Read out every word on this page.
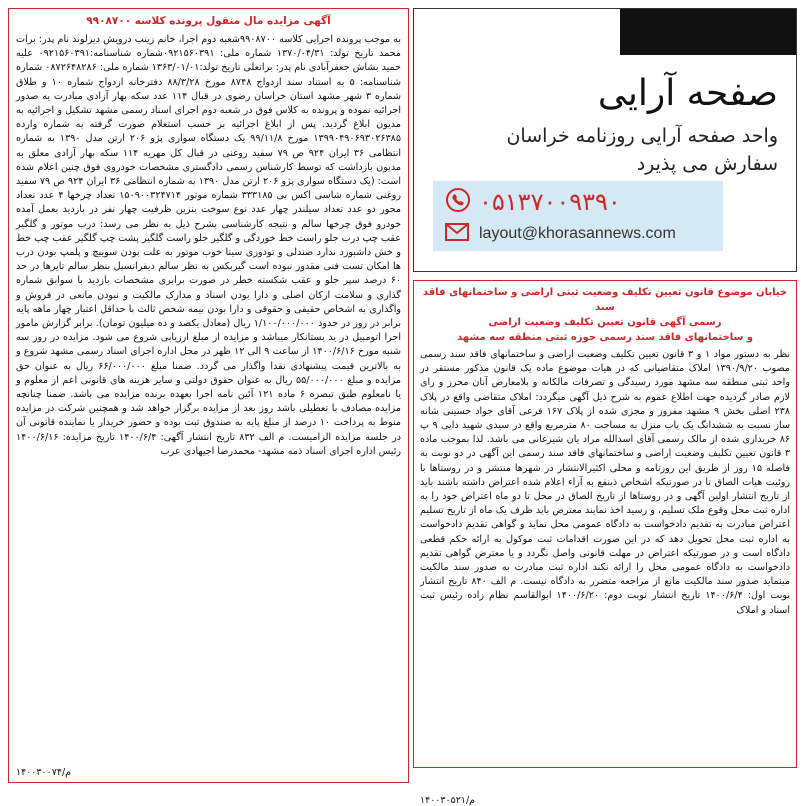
آگهی مزایده مال منقول پرونده کلاسه ۹۹۰۸۷۰۰
به موجب پرونده اجرایی کلاسه ۹۹۰۸۷۰۰شعبه دوم اجرا، خانم زینب درویش دیزلوند نام پدر: برات محمد تاریخ تولد: ۱۳۷۰/۰۴/۳۱ شماره ملی: ۰۹۲۱۵۶۰۳۹۱شماره شناسنامه:۰۹۲۱۵۶۰۳۹۱ علیه حمید بشاش جعفرآبادی نام پدر: براتعلی تاریخ تولد:۱۳۶۳/۰۱/۰۱ شماره ملی: ۰۸۷۲۶۴۸۲۸۶ شماره شناسنامه: ۵ به استناد سند ازدواج ۸۷۴۸ مورخ ۸۸/۳/۲۸ دفترخانه ازدواج شماره ۱۰ و طلاق شماره ۳ شهر مشهد استان خراسان رضوی در قبال ۱۱۴ عدد سکه بهار آزادی مبادرت به صدور اجرائیه نموده و پرونده به کلاس فوق در شعبه دوم اجرای اسناد رسمی مشهد تشکیل و اجرائیه به مدیون ابلاغ گردید. پس از ابلاغ اجرائیه بر حسب استعلام صورت گرفته به شماره وارده ۱۳۹۹۰۴۹۰۶۹۳۰۲۶۳۸۵ مورخ ۹۹/۱۱/۸ یک دستگاه سواری پژو ۲۰۶ ارتن مدل ۱۳۹۰ به شماره انتظامی ۳۶ ایران ۹۲۴ ص ۷۹ سفید روغنی در قبال کل مهریه ۱۱۴ سکه بهار آزادی معلق به مدیون بازداشت که توسط کارشناس رسمی دادگستری مشخصات خودروی فوق چنین اعلام شده است: (یک دستگاه سواری پژو ۲۰۶ ارتن مدل ۱۳۹۰ به شماره انتظامی ۳۶ ایران ۹۲۴ ص ۷۹ سفید روغنی شماره شاسی اکس بی ۳۳۳۱۸۵ شماره موتور ۱۵۰۹۰۰۳۲۴۷۱۴ تعداد چرخها ۴ عدد تعداد محور دو عدد تعداد سیلندر چهار عدد نوع سوخت بنزین ظرفیت چهار نفر در بازدید بعمل آمده خودرو فوق چرخها سالم و نتیجه کارشناسی بشرح ذیل به نظر می رسد: درب موتور و گلگیر عقب چپ درب جلو راست خط خوردگی و گلگیر جلو راست گلگیر پشت چپ گلگیر عقب چپ خط و خش داشبورد ندارد صندلی و تودوزی سیتا خوب موتور به علت بودن سوییچ و پلمپ بودن درب ها امکان تست فنی مقدور نبوده است گیربکس به نظر سالم دیفرانسیل بنظر سالم تایرها در حد ۶۰ درصد سپر جلو و عقب شکسته خطر در صورت برابری مشخصات بازدید با سوابق شماره گذاری و سلامت ارکان اصلی و دارا بودن اسناد و مدارک مالکیت و نبودن مانعی در فروش و واگذاری به اشخاص حقیقی و حقوقی و دارا بودن بیمه شخص ثالث با حداقل اعتبار چهار ماهه پایه برابر در روز در حدود ۱/۱۰۰/۰۰۰/۰۰۰ ریال (معادل یکصد و ده میلیون تومان). برابر گزارش مامور اجرا اتومبیل در ید بستانکار میباشد و مزایده از مبلغ ارزیابی شروع می شود. مزایده در روز سه شنبه مورخ ۱۴۰۰/۶/۱۶ از ساعت ۹ الی ۱۲ ظهر در محل اداره اجرای اسناد رسمی مشهد شروع و به بالاترین قیمت پیشنهادی نقدا واگذار می گردد. ضمنا مبلغ ۶۶/۰۰۰/۰۰۰ ریال به عنوان حق مزایده و مبلغ ۵۵/۰۰۰/۰۰۰ ریال به عنوان حقوق دولتی و سایر هزینه های قانونی اعم از معلوم و یا نامعلوم طبق تبصره ۶ ماده ۱۲۱ آئین نامه اجرا بعهده برنده مزایده می باشد. ضمنا چنانچه مزایده مصادف با تعطیلی باشد روز بعد از مزایده برگزار خواهد شد و همچنین شرکت در مزایده منوط به پرداخت ۱۰ درصد از مبلغ پایه به صندوق ثبت بوده و حضور خریدار یا نماینده قانونی آن در جلسه مزایده الزامیست. م الف ۸۳۲ تاریخ انتشار آگهی: ۱۴۰۰/۶/۴ تاریخ مزایده: ۱۴۰۰/۶/۱۶ رئیس اداره اجرای اسناد ذمه مشهد- محمدرضا اجیهادی عرب
م/۱۴۰۰۳۰۰۷۴
صفحه آرایی
واحد صفحه آرایی روزنامه خراسان
سفارش می پذیرد
۰۵۱۳۷۰۰۹۳۹۰
layout@khorasannews.com
خیابان موضوع قانون تعیین تکلیف وضعیت ثبتی اراضی و ساختمانهای فاقد سند
رسمی آگهی قانون تعیین تکلیف وضعیت اراضی
و ساختمانهای فاقد سند رسمی حوزه ثبتی منطقه سه مشهد
نظر به دستور مواد ۱ و ۳ قانون تعیین تکلیف وضعیت اراضی و ساختمانهای فاقد سند رسمی مصوب ۱۳۹۰/۹/۲۰ املاک متقاضیانی که در هیات موضوع ماده یک قانون مذکور مستقر در واحد ثبتی منطقه سه مشهد مورد رسیدگی و تصرفات مالکانه و بلامعارض آنان محرز و رای لازم صادر گردیده جهت اطلاع عموم به شرح ذیل آگهی میگردد: املاک متقاضی واقع در پلاک ۲۳۸ اصلی بخش ۹ مشهد مفروز و مجزی شده از پلاک ۱۶۷ فرعی آقای جواد حسینی شانه ساز نسبت به ششدانگ یک باب منزل به مساحت ۸۰ مترمربع واقع در سیدی شهید دایی ۹ پ ۸۶ خریداری شده از مالک رسمی آقای اسدالله مراد یان شیرغانی می باشد. لذا بموجب ماده ۳ قانون تعیین تکلیف وضعیت اراضی و ساختمانهای فاقد سند رسمی این آگهی در دو نوبت به فاصله ۱۵ روز از طریق این روزنامه و محلی اکثیرالانتشار در شهرها منتشر و در روستاها با روئیت هیات الصاق تا در صورتیکه اشخاص ذینفع به آراء اعلام شده اعتراض داشته باشند باید از تاریخ انتشار اولین آگهی و در روستاها از تاریخ الصاق در محل تا دو ماه اعتراض خود را به اداره ثبت محل وقوع ملک تسلیم، و رسید اخذ نمایند معترض باید ظرف یک ماه از تاریخ تسلیم اعتراض مبادرت به تقدیم دادخواست به دادگاه عمومی محل نماید و گواهی تقدیم دادخواست به اداره ثبت محل تحویل دهد که در این صورت اقدامات ثبت موکول به ارائه حکم قطعی دادگاه است و در صورتیکه اعتراض در مهلت قانونی واصل نگردد و یا معترض گواهی تقدیم دادخواست به دادگاه عمومی محل را ارائه نکند اداره ثبت مبادرت به صدور سند مالکیت مینماید صدور سند مالکیت مانع از مراجعه متضرر به دادگاه نیست. م الف ۸۴۰ تاریخ انتشار نوبت اول: ۱۴۰۰/۶/۴ تاریخ انتشار نوبت دوم: ۱۴۰۰/۶/۲۰ ابوالقاسم نظام زاده رئیس ثبت اسناد و املاک
م/۱۴۰۰۳۰۵۲۱
